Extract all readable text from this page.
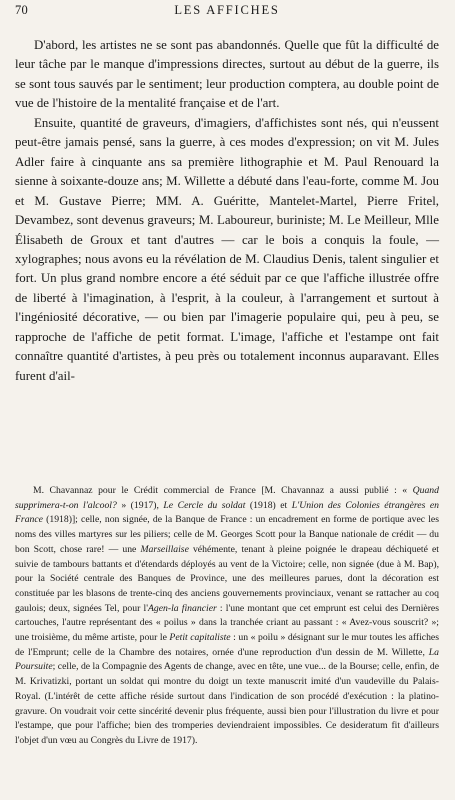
70	LES AFFICHES

D'abord, les artistes ne se sont pas abandonnés. Quelle que fût la difficulté de leur tâche par le manque d'impressions directes, surtout au début de la guerre, ils se sont tous sauvés par le sentiment; leur production comptera, au double point de vue de l'histoire de la mentalité française et de l'art.

Ensuite, quantité de graveurs, d'imagiers, d'affichistes sont nés, qui n'eussent peut-être jamais pensé, sans la guerre, à ces modes d'expression; on vit M. Jules Adler faire à cinquante ans sa première lithographie et M. Paul Renouard la sienne à soixante-douze ans; M. Willette a débuté dans l'eau-forte, comme M. Jou et M. Gustave Pierre; MM. A. Guéritte, Mantelet-Martel, Pierre Fritel, Devambez, sont devenus graveurs; M. Laboureur, buriniste; M. Le Meilleur, Mlle Élisabeth de Groux et tant d'autres — car le bois a conquis la foule, — xylographes; nous avons eu la révélation de M. Claudius Denis, talent singulier et fort. Un plus grand nombre encore a été séduit par ce que l'affiche illustrée offre de liberté à l'imagination, à l'esprit, à la couleur, à l'arrangement et surtout à l'ingéniosité décorative, — ou bien par l'imagerie populaire qui, peu à peu, se rapproche de l'affiche de petit format. L'image, l'affiche et l'estampe ont fait connaître quantité d'artistes, à peu près ou totalement inconnus auparavant. Elles furent d'ail-

M. Chavannaz pour le Crédit commercial de France [M. Chavannaz a aussi publié : « Quand supprimera-t-on l'alcool? » (1917), Le Cercle du soldat (1918) et L'Union des Colonies étrangères en France (1918)]; celle, non signée, de la Banque de France : un encadrement en forme de portique avec les noms des villes martyres sur les piliers; celle de M. Georges Scott pour la Banque nationale de crédit — du bon Scott, chose rare! — une Marseillaise véhémente, tenant à pleine poignée le drapeau déchiqueté et suivie de tambours battants et d'étendards déployés au vent de la Victoire; celle, non signée (due à M. Bap), pour la Société centrale des Banques de Province, une des meilleures parues, dont la décoration est constituée par les blasons de trente-cinq des anciens gouvernements provinciaux, venant se rattacher au coq gaulois; deux, signées Tel, pour l'Agen-la financier : l'une montant que cet emprunt est celui des Dernières cartouches, l'autre représentant des « poilus » dans la tranchée criant au passant : « Avez-vous souscrit? »; une troisième, du même artiste, pour le Petit capitaliste : un « poilu » désignant sur le mur toutes les affiches de l'Emprunt; celle de la Chambre des notaires, ornée d'une reproduction d'un dessin de M. Willette, La Poursuite; celle, de la Compagnie des Agents de change, avec en tête, une vue... de la Bourse; celle, enfin, de M. Krivatizki, portant un soldat qui montre du doigt un texte manuscrit imité d'un vaudeville du Palais-Royal. (L'intérêt de cette affiche réside surtout dans l'indication de son procédé d'exécution : la platino-gravure. On voudrait voir cette sincérité devenir plus fréquente, aussi bien pour l'illustration du livre et pour l'estampe, que pour l'affiche; bien des tromperies deviendraient impossibles. Ce desideratum fit d'ailleurs l'objet d'un vœu au Congrès du Livre de 1917).
